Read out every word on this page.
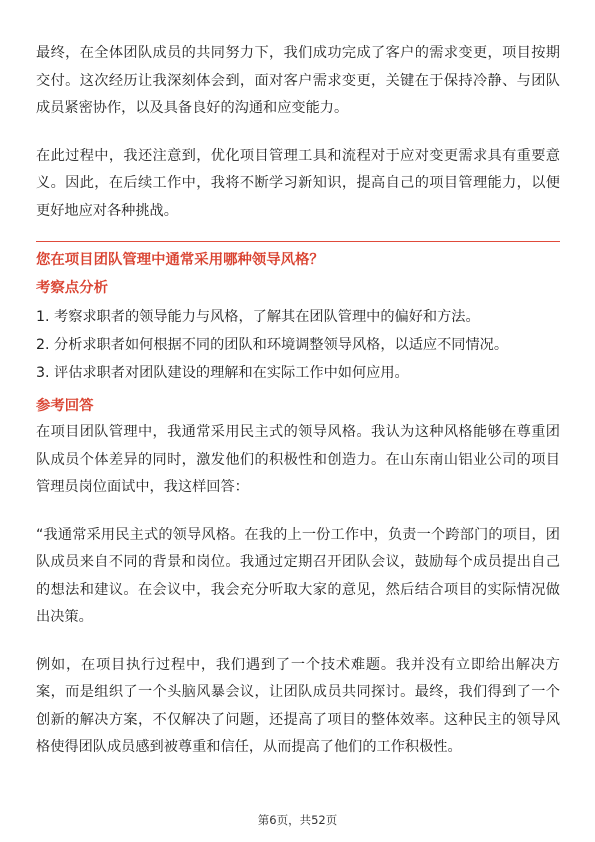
最终，在全体团队成员的共同努力下，我们成功完成了客户的需求变更，项目按期交付。这次经历让我深刻体会到，面对客户需求变更，关键在于保持冷静、与团队成员紧密协作，以及具备良好的沟通和应变能力。

在此过程中，我还注意到，优化项目管理工具和流程对于应对变更需求具有重要意义。因此，在后续工作中，我将不断学习新知识，提高自己的项目管理能力，以便更好地应对各种挑战。

您在项目团队管理中通常采用哪种领导风格？
考察点分析

1. 考察求职者的领导能力与风格，了解其在团队管理中的偏好和方法。

2. 分析求职者如何根据不同的团队和环境调整领导风格，以适应不同情况。

3. 评估求职者对团队建设的理解和在实际工作中如何应用。

参考回答

在项目团队管理中，我通常采用民主式的领导风格。我认为这种风格能够在尊重团队成员个体差异的同时，激发他们的积极性和创造力。在山东南山铝业公司的项目管理员岗位面试中，我这样回答：

“我通常采用民主式的领导风格。在我的上一份工作中，负责一个跨部门的项目，团队成员来自不同的背景和岗位。我通过定期召开团队会议，鼓励每个成员提出自己的想法和建议。在会议中，我会充分听取大家的意见，然后结合项目的实际情况做出决策。

例如，在项目执行过程中，我们遇到了一个技术难题。我并没有立即给出解决方案，而是组织了一个头脑风暴会议，让团队成员共同探讨。最终，我们得到了一个创新的解决方案，不仅解决了问题，还提高了项目的整体效率。这种民主的领导风格使得团队成员感到被尊重和信任，从而提高了他们的工作积极性。

第6页，共52页
